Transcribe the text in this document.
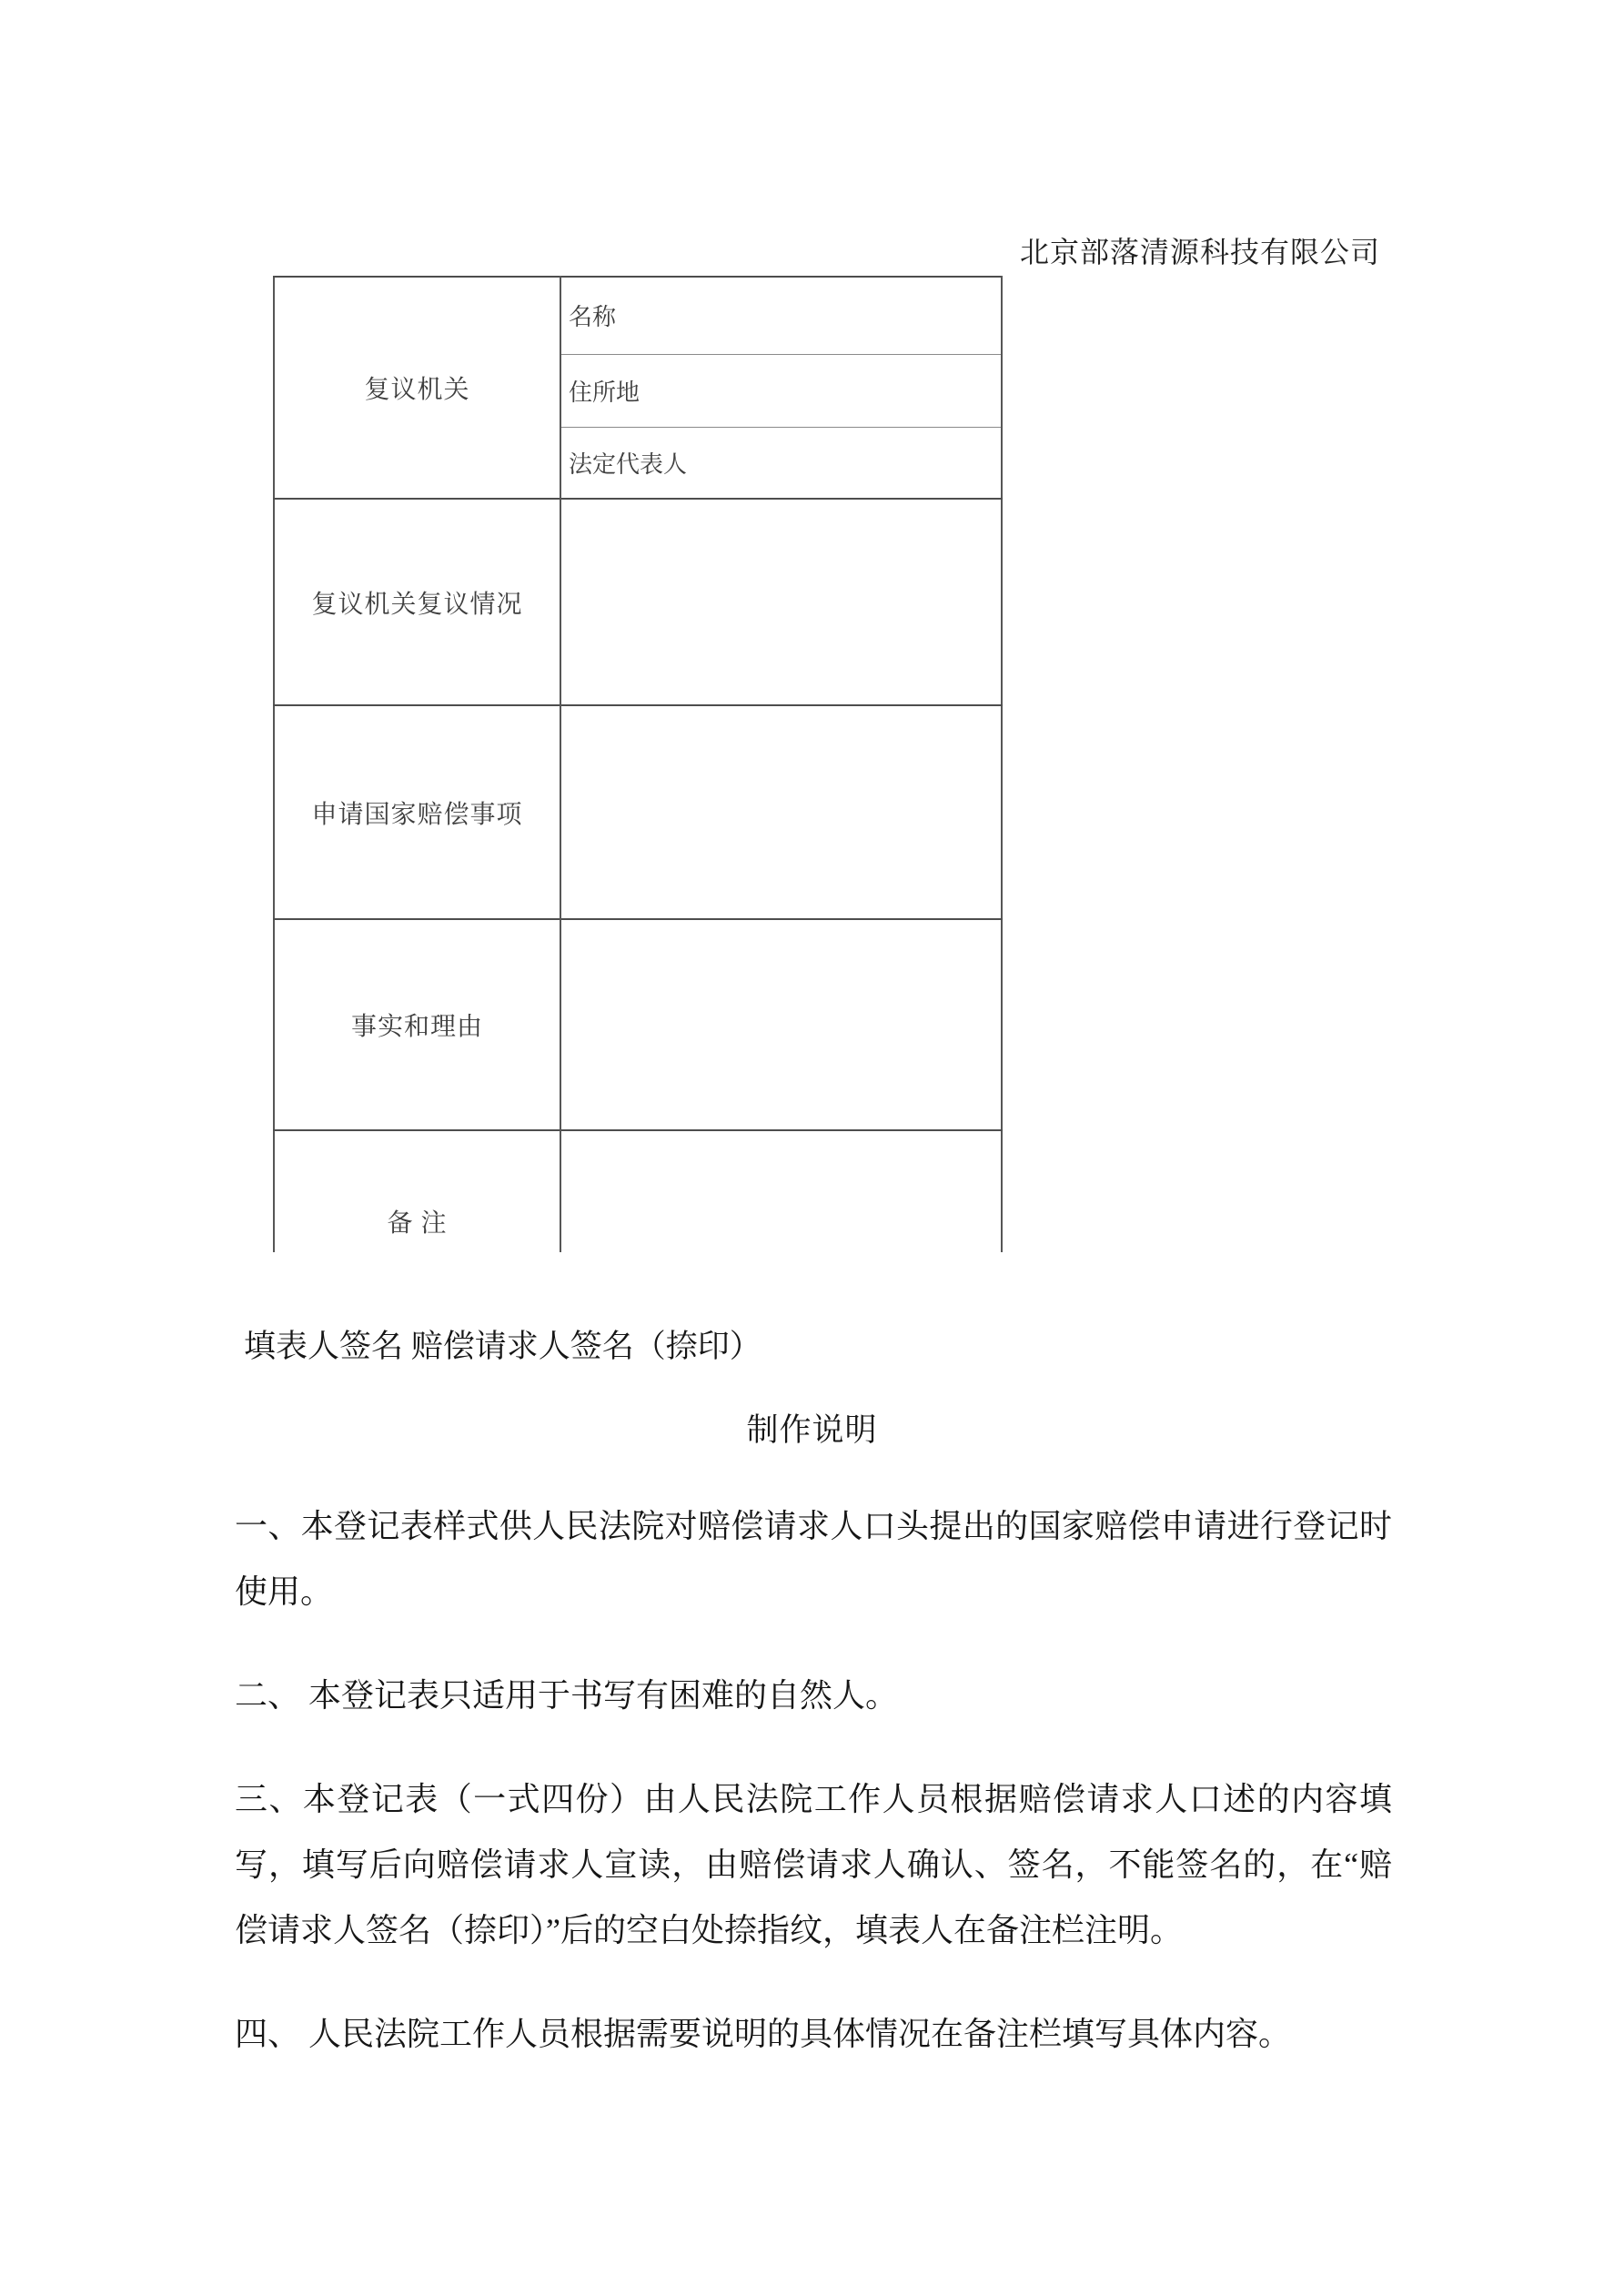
北京部落清源科技有限公司
复议机关	名称
	住所地
	法定代表人
复议机关复议情况	
申请国家赔偿事项	
事实和理由	
备 注	
填表人签名 赔偿请求人签名（捺印）
制作说明

一、本登记表样式供人民法院对赔偿请求人口头提出的国家赔偿申请进行登记时使用。

二、 本登记表只适用于书写有困难的自然人。

三、本登记表（一式四份）由人民法院工作人员根据赔偿请求人口述的内容填写，填写后向赔偿请求人宣读，由赔偿请求人确认、签名，不能签名的，在“赔偿请求人签名（捺印）”后的空白处捺指纹，填表人在备注栏注明。

四、 人民法院工作人员根据需要说明的具体情况在备注栏填写具体内容。
